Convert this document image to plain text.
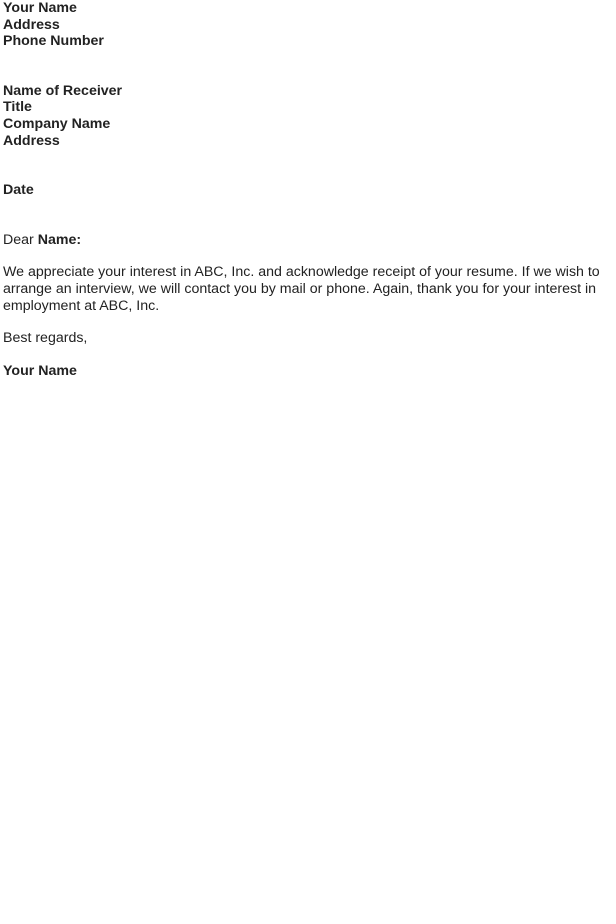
Your Name
Address
Phone Number
Name of Receiver
Title
Company Name
Address
Date
Dear Name:
We appreciate your interest in ABC, Inc. and acknowledge receipt of your resume. If we wish to
arrange an interview, we will contact you by mail or phone. Again, thank you for your interest in
employment at ABC, Inc.
Best regards,
Your Name
